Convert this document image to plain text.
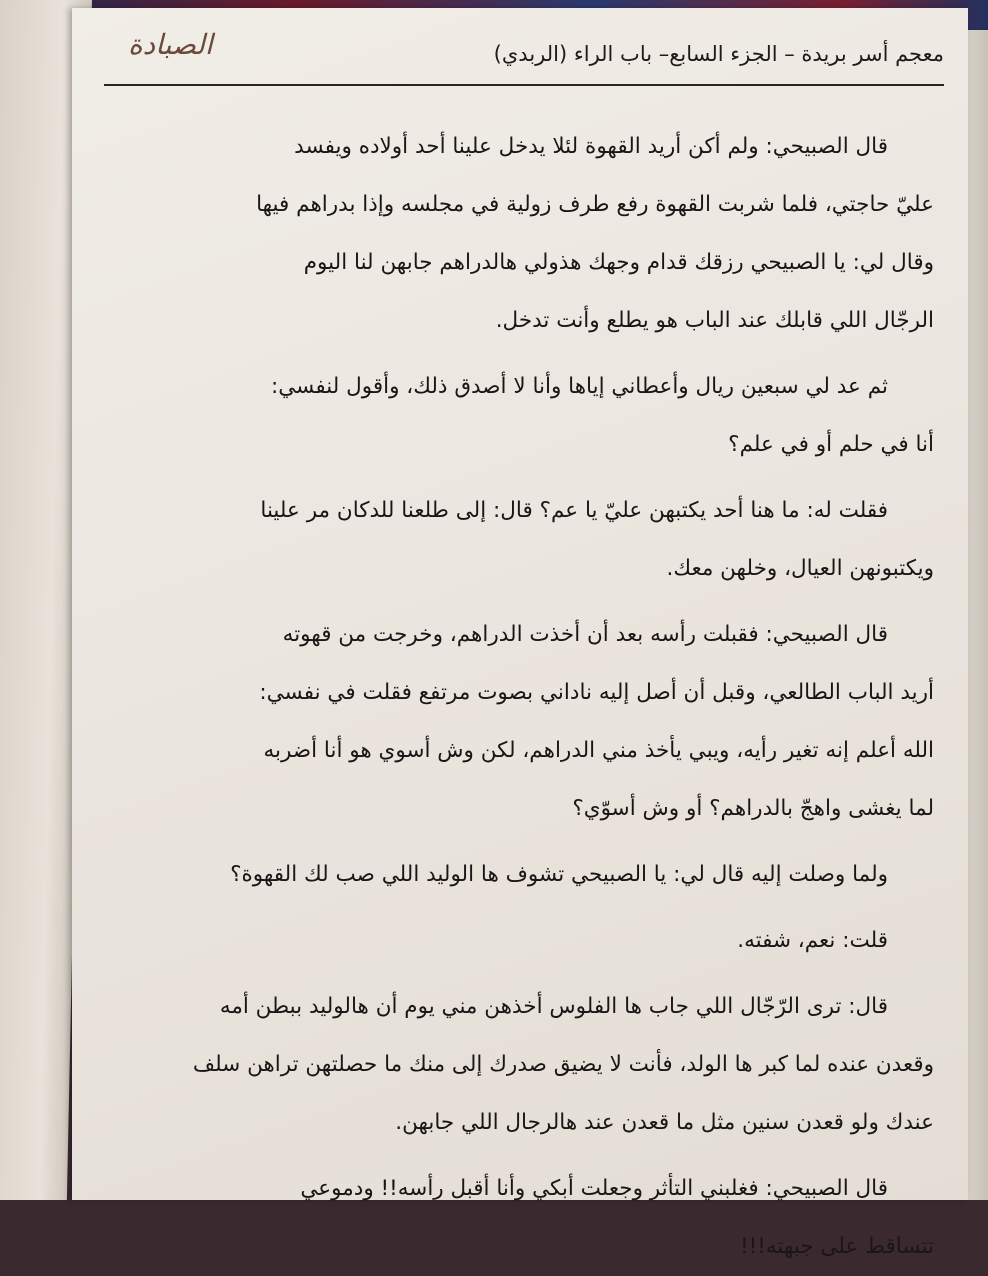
معجم أسر بريدة – الجزء السابع– باب الراء (الربدي)
الصبادة
قال الصبيحي: ولم أكن أريد القهوة لئلا يدخل علينا أحد أولاده ويفسد
عليّ حاجتي، فلما شربت القهوة رفع طرف زولية في مجلسه وإذا بدراهم فيها
وقال لي: يا الصبيحي رزقك قدام وجهك هذولي هالدراهم جابهن لنا اليوم
الرجّال اللي قابلك عند الباب هو يطلع وأنت تدخل.
ثم عد لي سبعين ريال وأعطاني إياها وأنا لا أصدق ذلك، وأقول لنفسي:
أنا في حلم أو في علم؟
فقلت له: ما هنا أحد يكتبهن عليّ يا عم؟ قال: إلى طلعنا للدكان مر علينا
ويكتبونهن العيال، وخلهن معك.
قال الصبيحي: فقبلت رأسه بعد أن أخذت الدراهم، وخرجت من قهوته
أريد الباب الطالعي، وقبل أن أصل إليه ناداني بصوت مرتفع فقلت في نفسي:
الله أعلم إنه تغير رأيه، ويبي يأخذ مني الدراهم، لكن وش أسوي هو أنا أضربه
لما يغشى واهجّ بالدراهم؟ أو وش أسوّي؟
ولما وصلت إليه قال لي: يا الصبيحي تشوف ها الوليد اللي صب لك القهوة؟
قلت: نعم، شفته.
قال: ترى الرّجّال اللي جاب ها الفلوس أخذهن مني يوم أن هالوليد ببطن أمه
وقعدن عنده لما كبر ها الولد، فأنت لا يضيق صدرك إلى منك ما حصلتهن تراهن سلف
عندك ولو قعدن سنين مثل ما قعدن عند هالرجال اللي جابهن.
قال الصبيحي: فغلبني التأثر وجعلت أبكي وأنا أقبل رأسه!! ودموعي
تتساقط على جبهته!!!
